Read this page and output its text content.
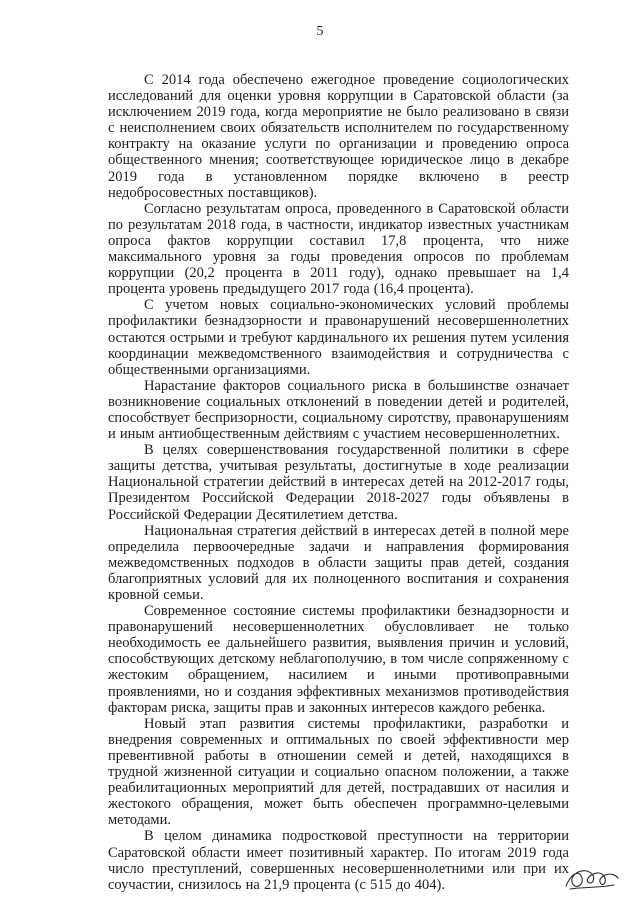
5

С 2014 года обеспечено ежегодное проведение социологических исследований для оценки уровня коррупции в Саратовской области (за исключением 2019 года, когда мероприятие не было реализовано в связи с неисполнением своих обязательств исполнителем по государственному контракту на оказание услуги по организации и проведению опроса общественного мнения; соответствующее юридическое лицо в декабре 2019 года в установленном порядке включено в реестр недобросовестных поставщиков).

Согласно результатам опроса, проведенного в Саратовской области по результатам 2018 года, в частности, индикатор известных участникам опроса фактов коррупции составил 17,8 процента, что ниже максимального уровня за годы проведения опросов по проблемам коррупции (20,2 процента в 2011 году), однако превышает на 1,4 процента уровень предыдущего 2017 года (16,4 процента).

С учетом новых социально-экономических условий проблемы профилактики безнадзорности и правонарушений несовершеннолетних остаются острыми и требуют кардинального их решения путем усиления координации межведомственного взаимодействия и сотрудничества с общественными организациями.

Нарастание факторов социального риска в большинстве означает возникновение социальных отклонений в поведении детей и родителей, способствует беспризорности, социальному сиротству, правонарушениям и иным антиобщественным действиям с участием несовершеннолетних.

В целях совершенствования государственной политики в сфере защиты детства, учитывая результаты, достигнутые в ходе реализации Национальной стратегии действий в интересах детей на 2012-2017 годы, Президентом Российской Федерации 2018-2027 годы объявлены в Российской Федерации Десятилетием детства.

Национальная стратегия действий в интересах детей в полной мере определила первоочередные задачи и направления формирования межведомственных подходов в области защиты прав детей, создания благоприятных условий для их полноценного воспитания и сохранения кровной семьи.

Современное состояние системы профилактики безнадзорности и правонарушений несовершеннолетних обусловливает не только необходимость ее дальнейшего развития, выявления причин и условий, способствующих детскому неблагополучию, в том числе сопряженному с жестоким обращением, насилием и иными противоправными проявлениями, но и создания эффективных механизмов противодействия факторам риска, защиты прав и законных интересов каждого ребенка.

Новый этап развития системы профилактики, разработки и внедрения современных и оптимальных по своей эффективности мер превентивной работы в отношении семей и детей, находящихся в трудной жизненной ситуации и социально опасном положении, а также реабилитационных мероприятий для детей, пострадавших от насилия и жестокого обращения, может быть обеспечен программно-целевыми методами.

В целом динамика подростковой преступности на территории Саратовской области имеет позитивный характер. По итогам 2019 года число преступлений, совершенных несовершеннолетними или при их соучастии, снизилось на 21,9 процента (с 515 до 404).
